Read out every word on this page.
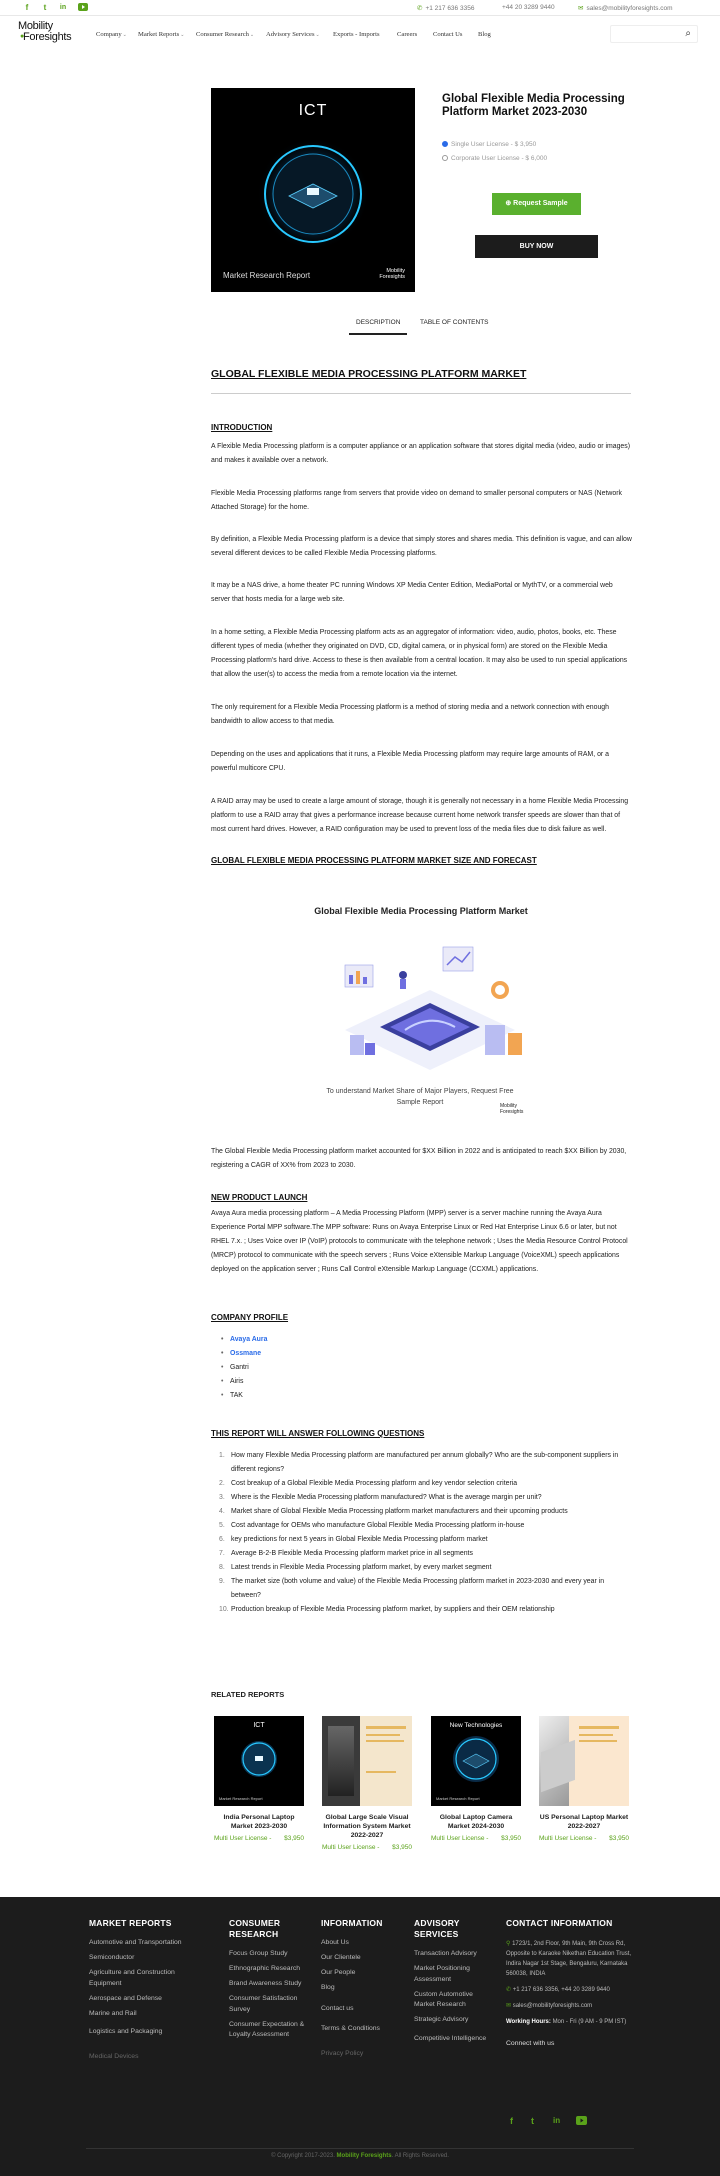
f	t	in	✆ +1 217 636 3356	+44 20 3289 9440	✉ sales@mobilityforesights.com
Mobility
●
Foresights	Company⌄ Market Reports⌄ Consumer Research⌄ Advisory Services⌄ Exports - Imports	Careers Contact Us Blog	⌕
ICT
Market Research Report	Mobility
Foresights
Global Flexible Media Processing Platform Market 2023-2030
Single User License - $ 3,950
Corporate User License - $ 6,000
⊕ Request Sample
BUY NOW
DESCRIPTION	TABLE OF CONTENTS
GLOBAL FLEXIBLE MEDIA PROCESSING PLATFORM MARKET
INTRODUCTION
A Flexible Media Processing platform is a computer appliance or an application software that stores digital media (video, audio or images) and makes it available over a network.
Flexible Media Processing platforms range from servers that provide video on demand to smaller personal computers or NAS (Network Attached Storage) for the home.
By definition, a Flexible Media Processing platform is a device that simply stores and shares media. This definition is vague, and can allow several different devices to be called Flexible Media Processing platforms.
It may be a NAS drive, a home theater PC running Windows XP Media Center Edition, MediaPortal or MythTV, or a commercial web server that hosts media for a large web site.
In a home setting, a Flexible Media Processing platform acts as an aggregator of information: video, audio, photos, books, etc. These different types of media (whether they originated on DVD, CD, digital camera, or in physical form) are stored on the Flexible Media Processing platform's hard drive. Access to these is then available from a central location. It may also be used to run special applications that allow the user(s) to access the media from a remote location via the internet.
The only requirement for a Flexible Media Processing platform is a method of storing media and a network connection with enough bandwidth to allow access to that media.
Depending on the uses and applications that it runs, a Flexible Media Processing platform may require large amounts of RAM, or a powerful multicore CPU.
A RAID array may be used to create a large amount of storage, though it is generally not necessary in a home Flexible Media Processing platform to use a RAID array that gives a performance increase because current home network transfer speeds are slower than that of most current hard drives. However, a RAID configuration may be used to prevent loss of the media files due to disk failure as well.
GLOBAL FLEXIBLE MEDIA PROCESSING PLATFORM MARKET SIZE AND FORECAST
Global Flexible Media Processing Platform Market
To understand Market Share of Major Players, Request Free Sample Report	Mobility
Foresights
The Global Flexible Media Processing platform market accounted for $XX Billion in 2022 and is anticipated to reach $XX Billion by 2030, registering a CAGR of XX% from 2023 to 2030.
NEW PRODUCT LAUNCH
Avaya Aura media processing platform – A Media Processing Platform (MPP) server is a server machine running the Avaya Aura Experience Portal MPP software.The MPP software: Runs on Avaya Enterprise Linux or Red Hat Enterprise Linux 6.6 or later, but not RHEL 7.x. ; Uses Voice over IP (VoIP) protocols to communicate with the telephone network ; Uses the Media Resource Control Protocol (MRCP) protocol to communicate with the speech servers ; Runs Voice eXtensible Markup Language (VoiceXML) speech applications deployed on the application server ; Runs Call Control eXtensible Markup Language (CCXML) applications.
COMPANY PROFILE
• Avaya Aura
• Ossmane
• Gantri
• Airis
• TAK
THIS REPORT WILL ANSWER FOLLOWING QUESTIONS
1. How many Flexible Media Processing platform are manufactured per annum globally? Who are the sub-component suppliers in different regions?
2. Cost breakup of a Global Flexible Media Processing platform and key vendor selection criteria
3. Where is the Flexible Media Processing platform manufactured? What is the average margin per unit?
4. Market share of Global Flexible Media Processing platform market manufacturers and their upcoming products
5. Cost advantage for OEMs who manufacture Global Flexible Media Processing platform in-house
6. key predictions for next 5 years in Global Flexible Media Processing platform market
7. Average B-2-B Flexible Media Processing platform market price in all segments
8. Latest trends in Flexible Media Processing platform market, by every market segment
9. The market size (both volume and value) of the Flexible Media Processing platform market in 2023-2030 and every year in between?
10. Production breakup of Flexible Media Processing platform market, by suppliers and their OEM relationship
RELATED REPORTS
ICT
Market Research Report
India Personal Laptop Market 2023-2030
Multi User License - $3,950
Global Large Scale Visual Information System Market 2022-2027
Multi User License - $3,950
New Technologies
Market Research Report
Global Laptop Camera Market 2024-2030
Multi User License - $3,950
US Personal Laptop Market 2022-2027
Multi User License - $3,950
MARKET REPORTS
Automotive and Transportation
Semiconductor
Agriculture and Construction Equipment
Aerospace and Defense
Marine and Rail
Logistics and Packaging
Medical Devices
CONSUMER RESEARCH
Focus Group Study
Ethnographic Research
Brand Awareness Study
Consumer Satisfaction Survey
Consumer Expectation & Loyalty Assessment
INFORMATION
About Us
Our Clientele
Our People
Blog
Contact us
Terms & Conditions
Privacy Policy
ADVISORY SERVICES
Transaction Advisory
Market Positioning Assessment
Custom Automotive Market Research
Strategic Advisory
Competitive Intelligence
CONTACT INFORMATION
⚲ 1723/1, 2nd Floor, 9th Main, 9th Cross Rd, Opposite to Karaoke Nikethan Education Trust, Indira Nagar 1st Stage, Bengaluru, Karnataka 560038, INDIA
✆ +1 217 636 3356, +44 20 3289 9440
✉ sales@mobilityforesights.com
Working Hours: Mon - Fri (9 AM - 9 PM IST)
Connect with us
f t in
© Copyright 2017-2023. Mobility Foresights. All Rights Reserved.
